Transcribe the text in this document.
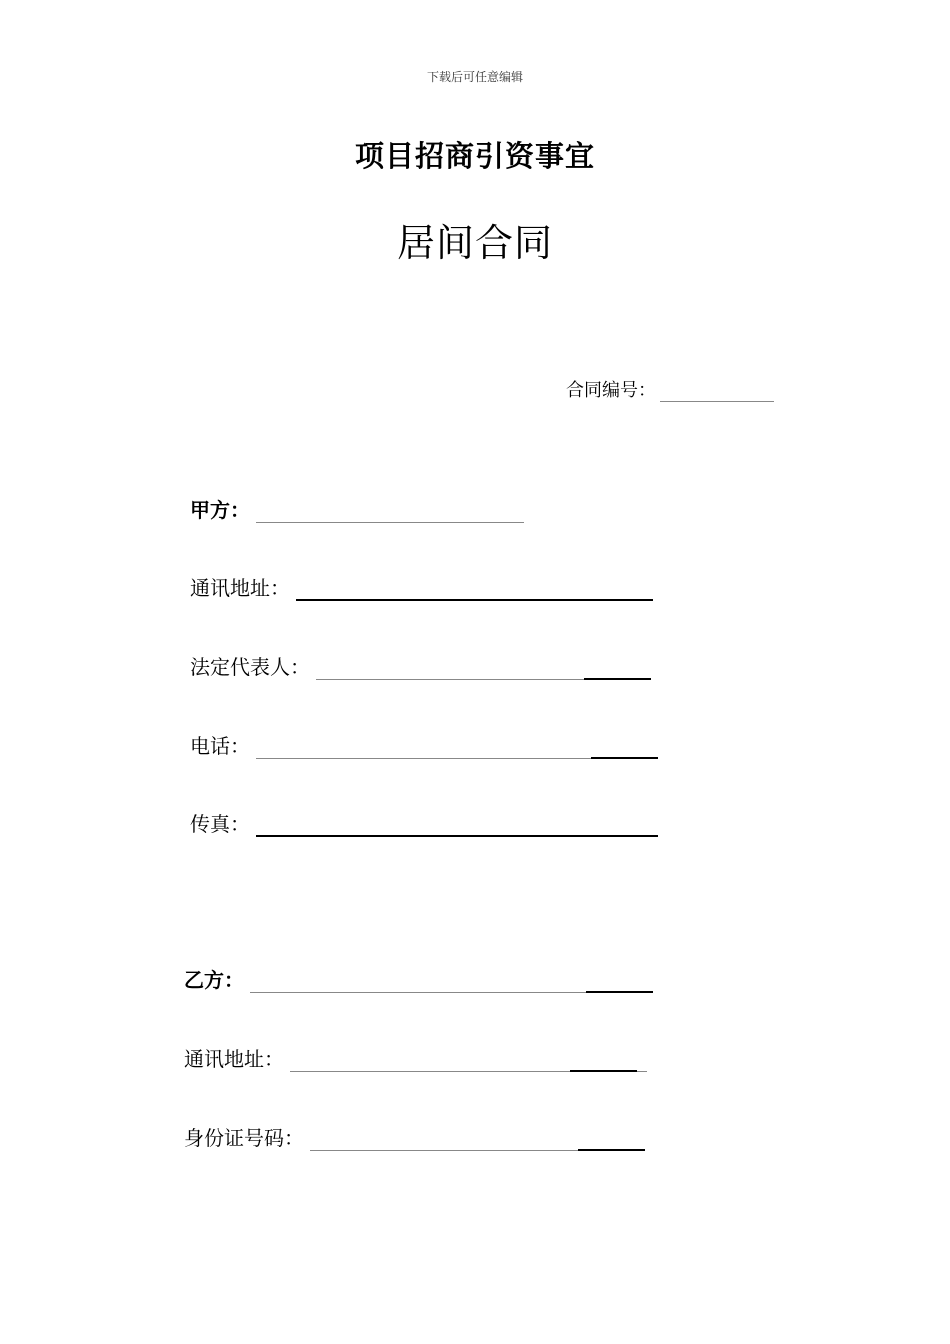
下载后可任意编辑
项目招商引资事宜
居间合同
合同编号：
甲方：
通讯地址：
法定代表人：
电话：
传真：
乙方：
通讯地址：
身份证号码：
